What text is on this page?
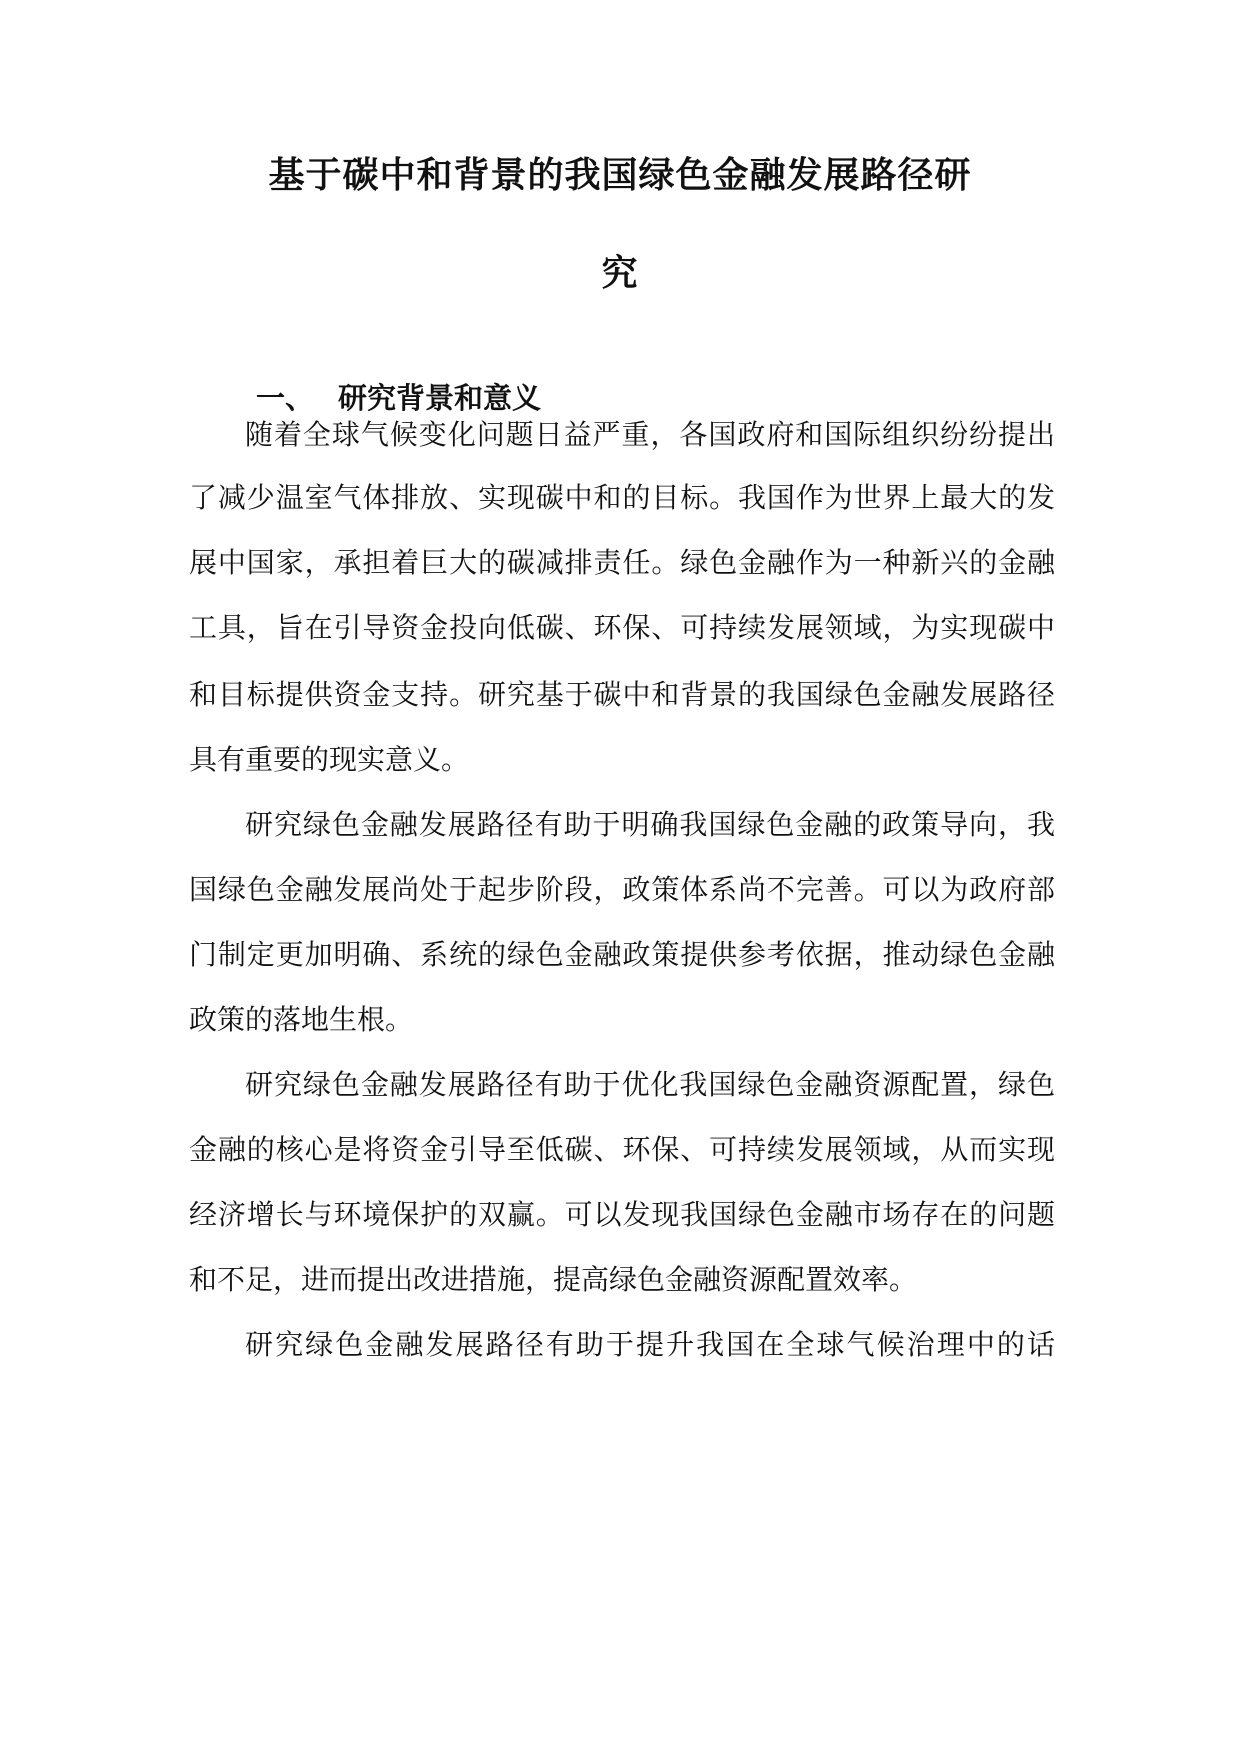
基于碳中和背景的我国绿色金融发展路径研
究
一、 研究背景和意义

随着全球气候变化问题日益严重，各国政府和国际组织纷纷提出

了减少温室气体排放、实现碳中和的目标。我国作为世界上最大的发

展中国家，承担着巨大的碳减排责任。绿色金融作为一种新兴的金融

工具，旨在引导资金投向低碳、环保、可持续发展领域，为实现碳中

和目标提供资金支持。研究基于碳中和背景的我国绿色金融发展路径

具有重要的现实意义。

研究绿色金融发展路径有助于明确我国绿色金融的政策导向，我

国绿色金融发展尚处于起步阶段，政策体系尚不完善。可以为政府部

门制定更加明确、系统的绿色金融政策提供参考依据，推动绿色金融

政策的落地生根。

研究绿色金融发展路径有助于优化我国绿色金融资源配置，绿色

金融的核心是将资金引导至低碳、环保、可持续发展领域，从而实现

经济增长与环境保护的双赢。可以发现我国绿色金融市场存在的问题

和不足，进而提出改进措施，提高绿色金融资源配置效率。

研究绿色金融发展路径有助于提升我国在全球气候治理中的话
